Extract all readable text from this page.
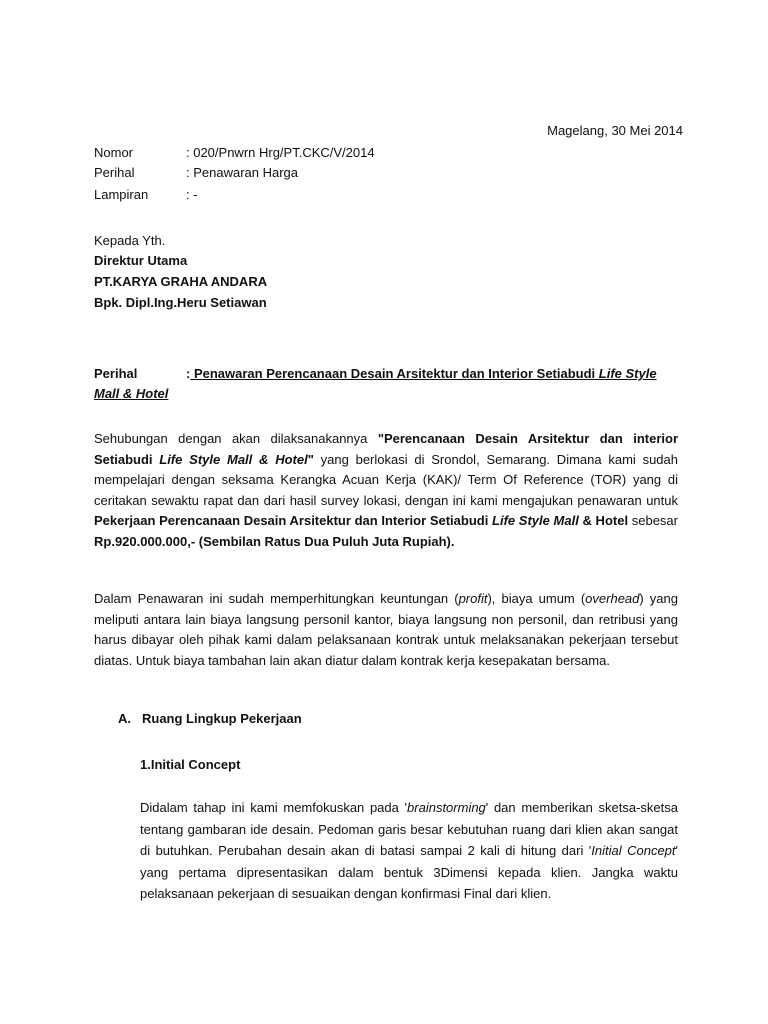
Magelang, 30 Mei 2014
Nomor	: 020/Pnwrn Hrg/PT.CKC/V/2014
Perihal	: Penawaran Harga
Lampiran	: -
Kepada Yth.
Direktur Utama
PT.KARYA GRAHA ANDARA
Bpk. Dipl.Ing.Heru Setiawan
Perihal	: Penawaran Perencanaan Desain Arsitektur dan Interior Setiabudi Life Style Mall & Hotel
Sehubungan dengan akan dilaksanakannya "Perencanaan Desain Arsitektur dan interior Setiabudi Life Style Mall & Hotel" yang berlokasi di Srondol, Semarang. Dimana kami sudah mempelajari dengan seksama Kerangka Acuan Kerja (KAK)/ Term Of Reference (TOR) yang di ceritakan sewaktu rapat dan dari hasil survey lokasi, dengan ini kami mengajukan penawaran untuk Pekerjaan Perencanaan Desain Arsitektur dan Interior Setiabudi Life Style Mall & Hotel sebesar Rp.920.000.000,- (Sembilan Ratus Dua Puluh Juta Rupiah).
Dalam Penawaran ini sudah memperhitungkan keuntungan (profit), biaya umum (overhead) yang meliputi antara lain biaya langsung personil kantor, biaya langsung non personil, dan retribusi yang harus dibayar oleh pihak kami dalam pelaksanaan kontrak untuk melaksanakan pekerjaan tersebut diatas. Untuk biaya tambahan lain akan diatur dalam kontrak kerja kesepakatan bersama.
A. Ruang Lingkup Pekerjaan
1.Initial Concept
Didalam tahap ini kami memfokuskan pada 'brainstorming' dan memberikan sketsa-sketsa tentang gambaran ide desain. Pedoman garis besar kebutuhan ruang dari klien akan sangat di butuhkan. Perubahan desain akan di batasi sampai 2 kali di hitung dari 'Initial Concept' yang pertama dipresentasikan dalam bentuk 3Dimensi kepada klien. Jangka waktu pelaksanaan pekerjaan di sesuaikan dengan konfirmasi Final dari klien.
